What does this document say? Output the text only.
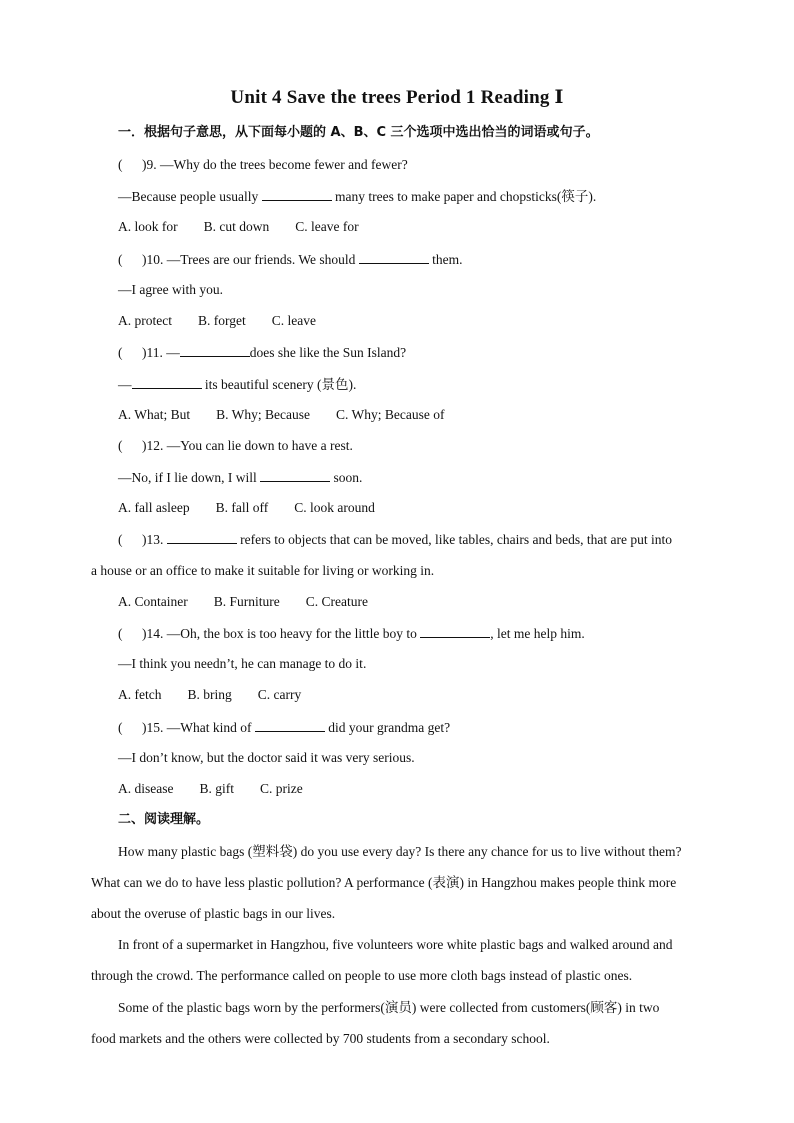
Unit 4 Save the trees Period 1 Reading Ⅰ
一．根据句子意思，从下面每小题的 A、B、C 三个选项中选出恰当的词语或句子。
( )9. —Why do the trees become fewer and fewer?
—Because people usually	many trees to make paper and chopsticks(筷子).
A. look for B. cut down C. leave for
( )10. —Trees are our friends. We should	them.
—I agree with you.
A. protect B. forget C. leave
( )11. —	does she like the Sun Island?
—	its beautiful scenery (景色).
A. What; But B. Why; Because C. Why; Because of
( )12. —You can lie down to have a rest.
—No, if I lie down, I will	soon.
A. fall asleep B. fall off C. look around
( )13.	refers to objects that can be moved, like tables, chairs and beds, that are put into
a house or an office to make it suitable for living or working in.
A. Container B. Furniture C. Creature
( )14. —Oh, the box is too heavy for the little boy to	, let me help him.
—I think you needn’t, he can manage to do it.
A. fetch B. bring C. carry
( )15. —What kind of	did your grandma get?
—I don’t know, but the doctor said it was very serious.
A. disease B. gift C. prize
二、阅读理解。
How many plastic bags (塑料袋) do you use every day? Is there any chance for us to live without them?
What can we do to have less plastic pollution? A performance (表演) in Hangzhou makes people think more
about the overuse of plastic bags in our lives.
In front of a supermarket in Hangzhou, five volunteers wore white plastic bags and walked around and
through the crowd. The performance called on people to use more cloth bags instead of plastic ones.
Some of the plastic bags worn by the performers(演员) were collected from customers(顾客) in two
food markets and the others were collected by 700 students from a secondary school.
